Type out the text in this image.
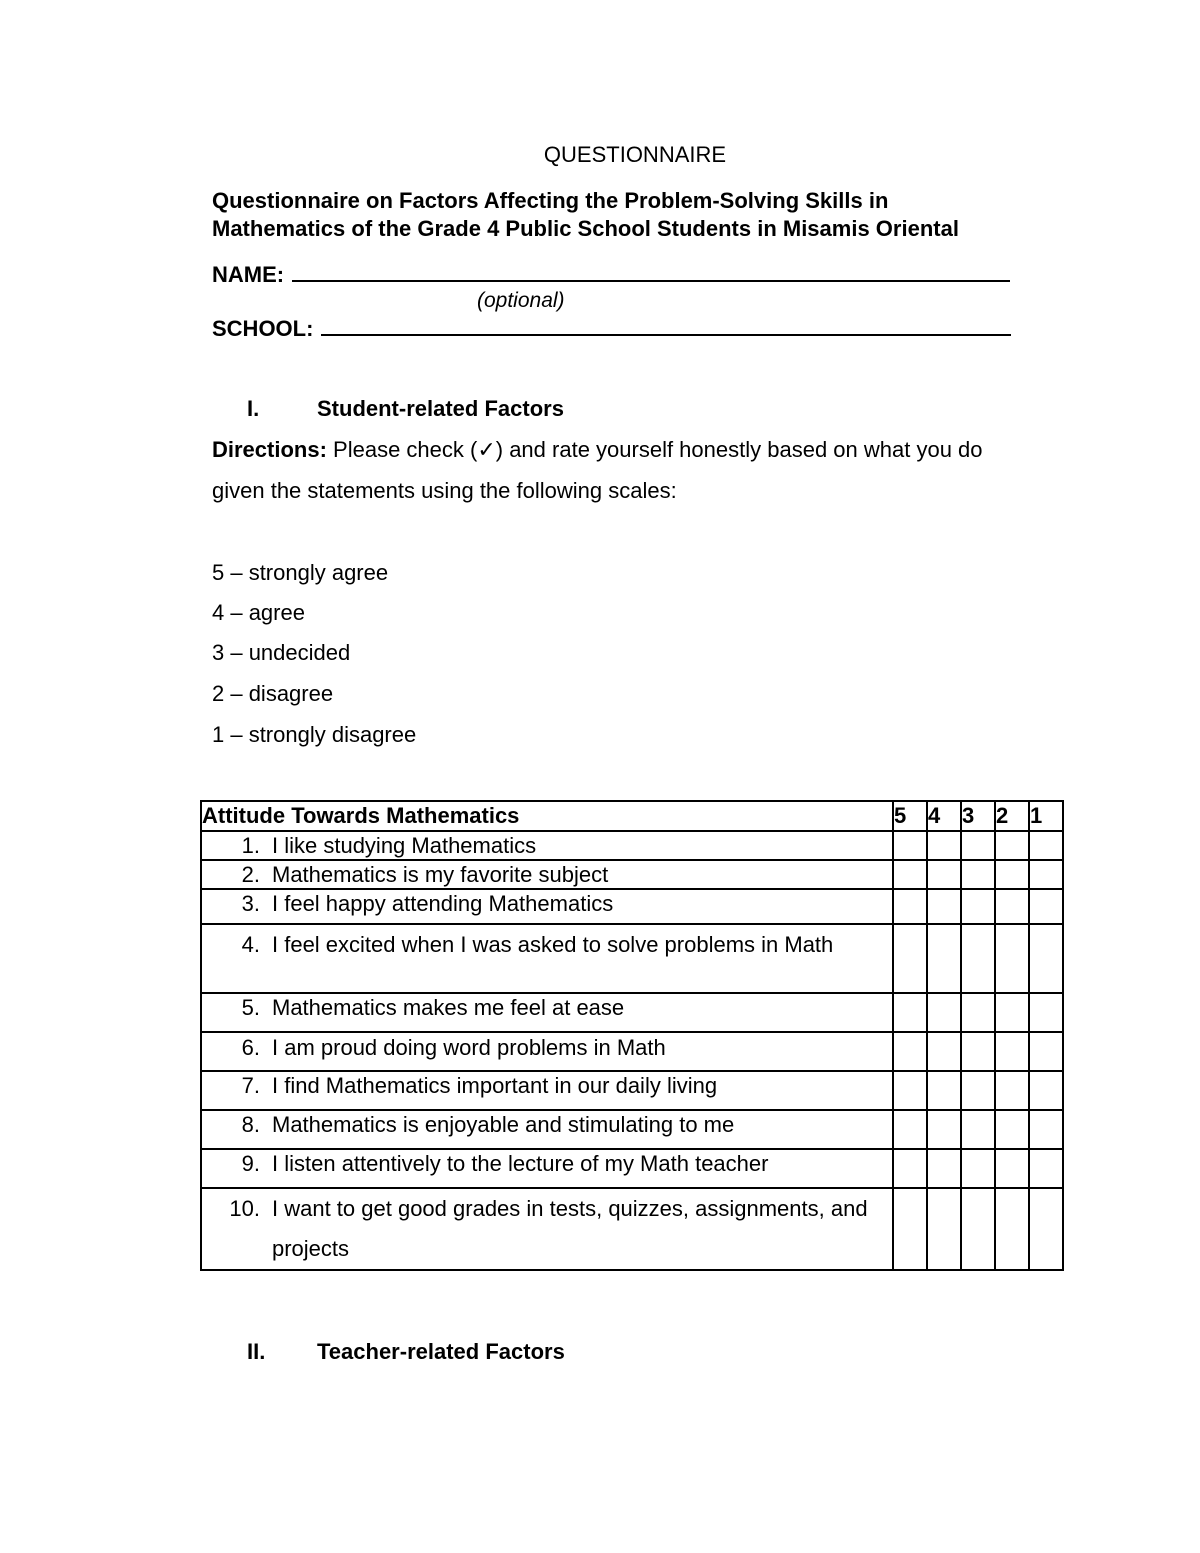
QUESTIONNAIRE
Questionnaire on Factors Affecting the Problem-Solving Skills in
Mathematics of the Grade 4 Public School Students in Misamis Oriental
NAME:
(optional)
SCHOOL:
I.	Student-related Factors
Directions: Please check (✓) and rate yourself honestly based on what you do
given the statements using the following scales:
5 – strongly agree
4 – agree
3 – undecided
2 – disagree
1 – strongly disagree
Attitude Towards Mathematics	5	4	3	2	1
1. I like studying Mathematics					
2. Mathematics is my favorite subject					
3. I feel happy attending Mathematics					
4. I feel excited when I was asked to solve problems in Math					
5. Mathematics makes me feel at ease					
6. I am proud doing word problems in Math					
7. I find Mathematics important in our daily living					
8. Mathematics is enjoyable and stimulating to me					
9. I listen attentively to the lecture of my Math teacher					
10. I want to get good grades in tests, quizzes, assignments, and projects					
II. Teacher-related Factors
